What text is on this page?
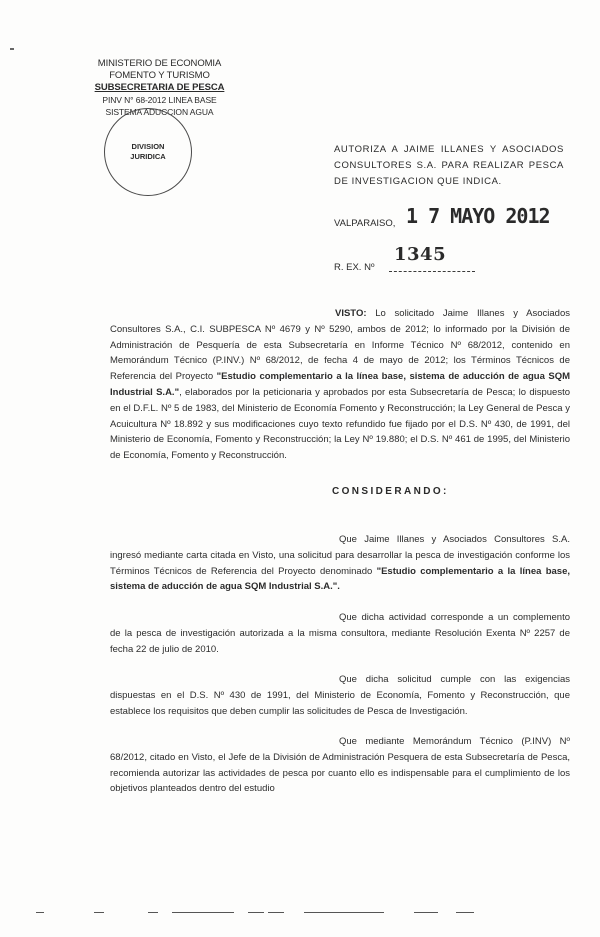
MINISTERIO DE ECONOMIA
FOMENTO Y TURISMO
SUBSECRETARIA DE PESCA
PINV N° 68-2012 LINEA BASE SISTEMA ADUCCION AGUA
DIVISION
JURIDICA
AUTORIZA A JAIME ILLANES Y ASOCIADOS CONSULTORES S.A. PARA REALIZAR PESCA DE INVESTIGACION QUE INDICA.
VALPARAISO, 1 7 MAYO 2012
R. EX. Nº
1345
VISTO: Lo solicitado Jaime Illanes y Asociados Consultores S.A., C.I. SUBPESCA Nº 4679 y Nº 5290, ambos de 2012; lo informado por la División de Administración de Pesquería de esta Subsecretaría en Informe Técnico Nº 68/2012, contenido en Memorándum Técnico (P.INV.) Nº 68/2012, de fecha 4 de mayo de 2012; los Términos Técnicos de Referencia del Proyecto "Estudio complementario a la línea base, sistema de aducción de agua SQM Industrial S.A.", elaborados por la peticionaria y aprobados por esta Subsecretaría de Pesca; lo dispuesto en el D.F.L. Nº 5 de 1983, del Ministerio de Economía Fomento y Reconstrucción; la Ley General de Pesca y Acuicultura Nº 18.892 y sus modificaciones cuyo texto refundido fue fijado por el D.S. Nº 430, de 1991, del Ministerio de Economía, Fomento y Reconstrucción; la Ley Nº 19.880; el D.S. Nº 461 de 1995, del Ministerio de Economía, Fomento y Reconstrucción.
CONSIDERANDO:
Que Jaime Illanes y Asociados Consultores S.A. ingresó mediante carta citada en Visto, una solicitud para desarrollar la pesca de investigación conforme los Términos Técnicos de Referencia del Proyecto denominado "Estudio complementario a la línea base, sistema de aducción de agua SQM Industrial S.A.".
Que dicha actividad corresponde a un complemento de la pesca de investigación autorizada a la misma consultora, mediante Resolución Exenta Nº 2257 de fecha 22 de julio de 2010.
Que dicha solicitud cumple con las exigencias dispuestas en el D.S. Nº 430 de 1991, del Ministerio de Economía, Fomento y Reconstrucción, que establece los requisitos que deben cumplir las solicitudes de Pesca de Investigación.
Que mediante Memorándum Técnico (P.INV) Nº 68/2012, citado en Visto, el Jefe de la División de Administración Pesquera de esta Subsecretaría de Pesca, recomienda autorizar las actividades de pesca por cuanto ello es indispensable para el cumplimiento de los objetivos planteados dentro del estudio
